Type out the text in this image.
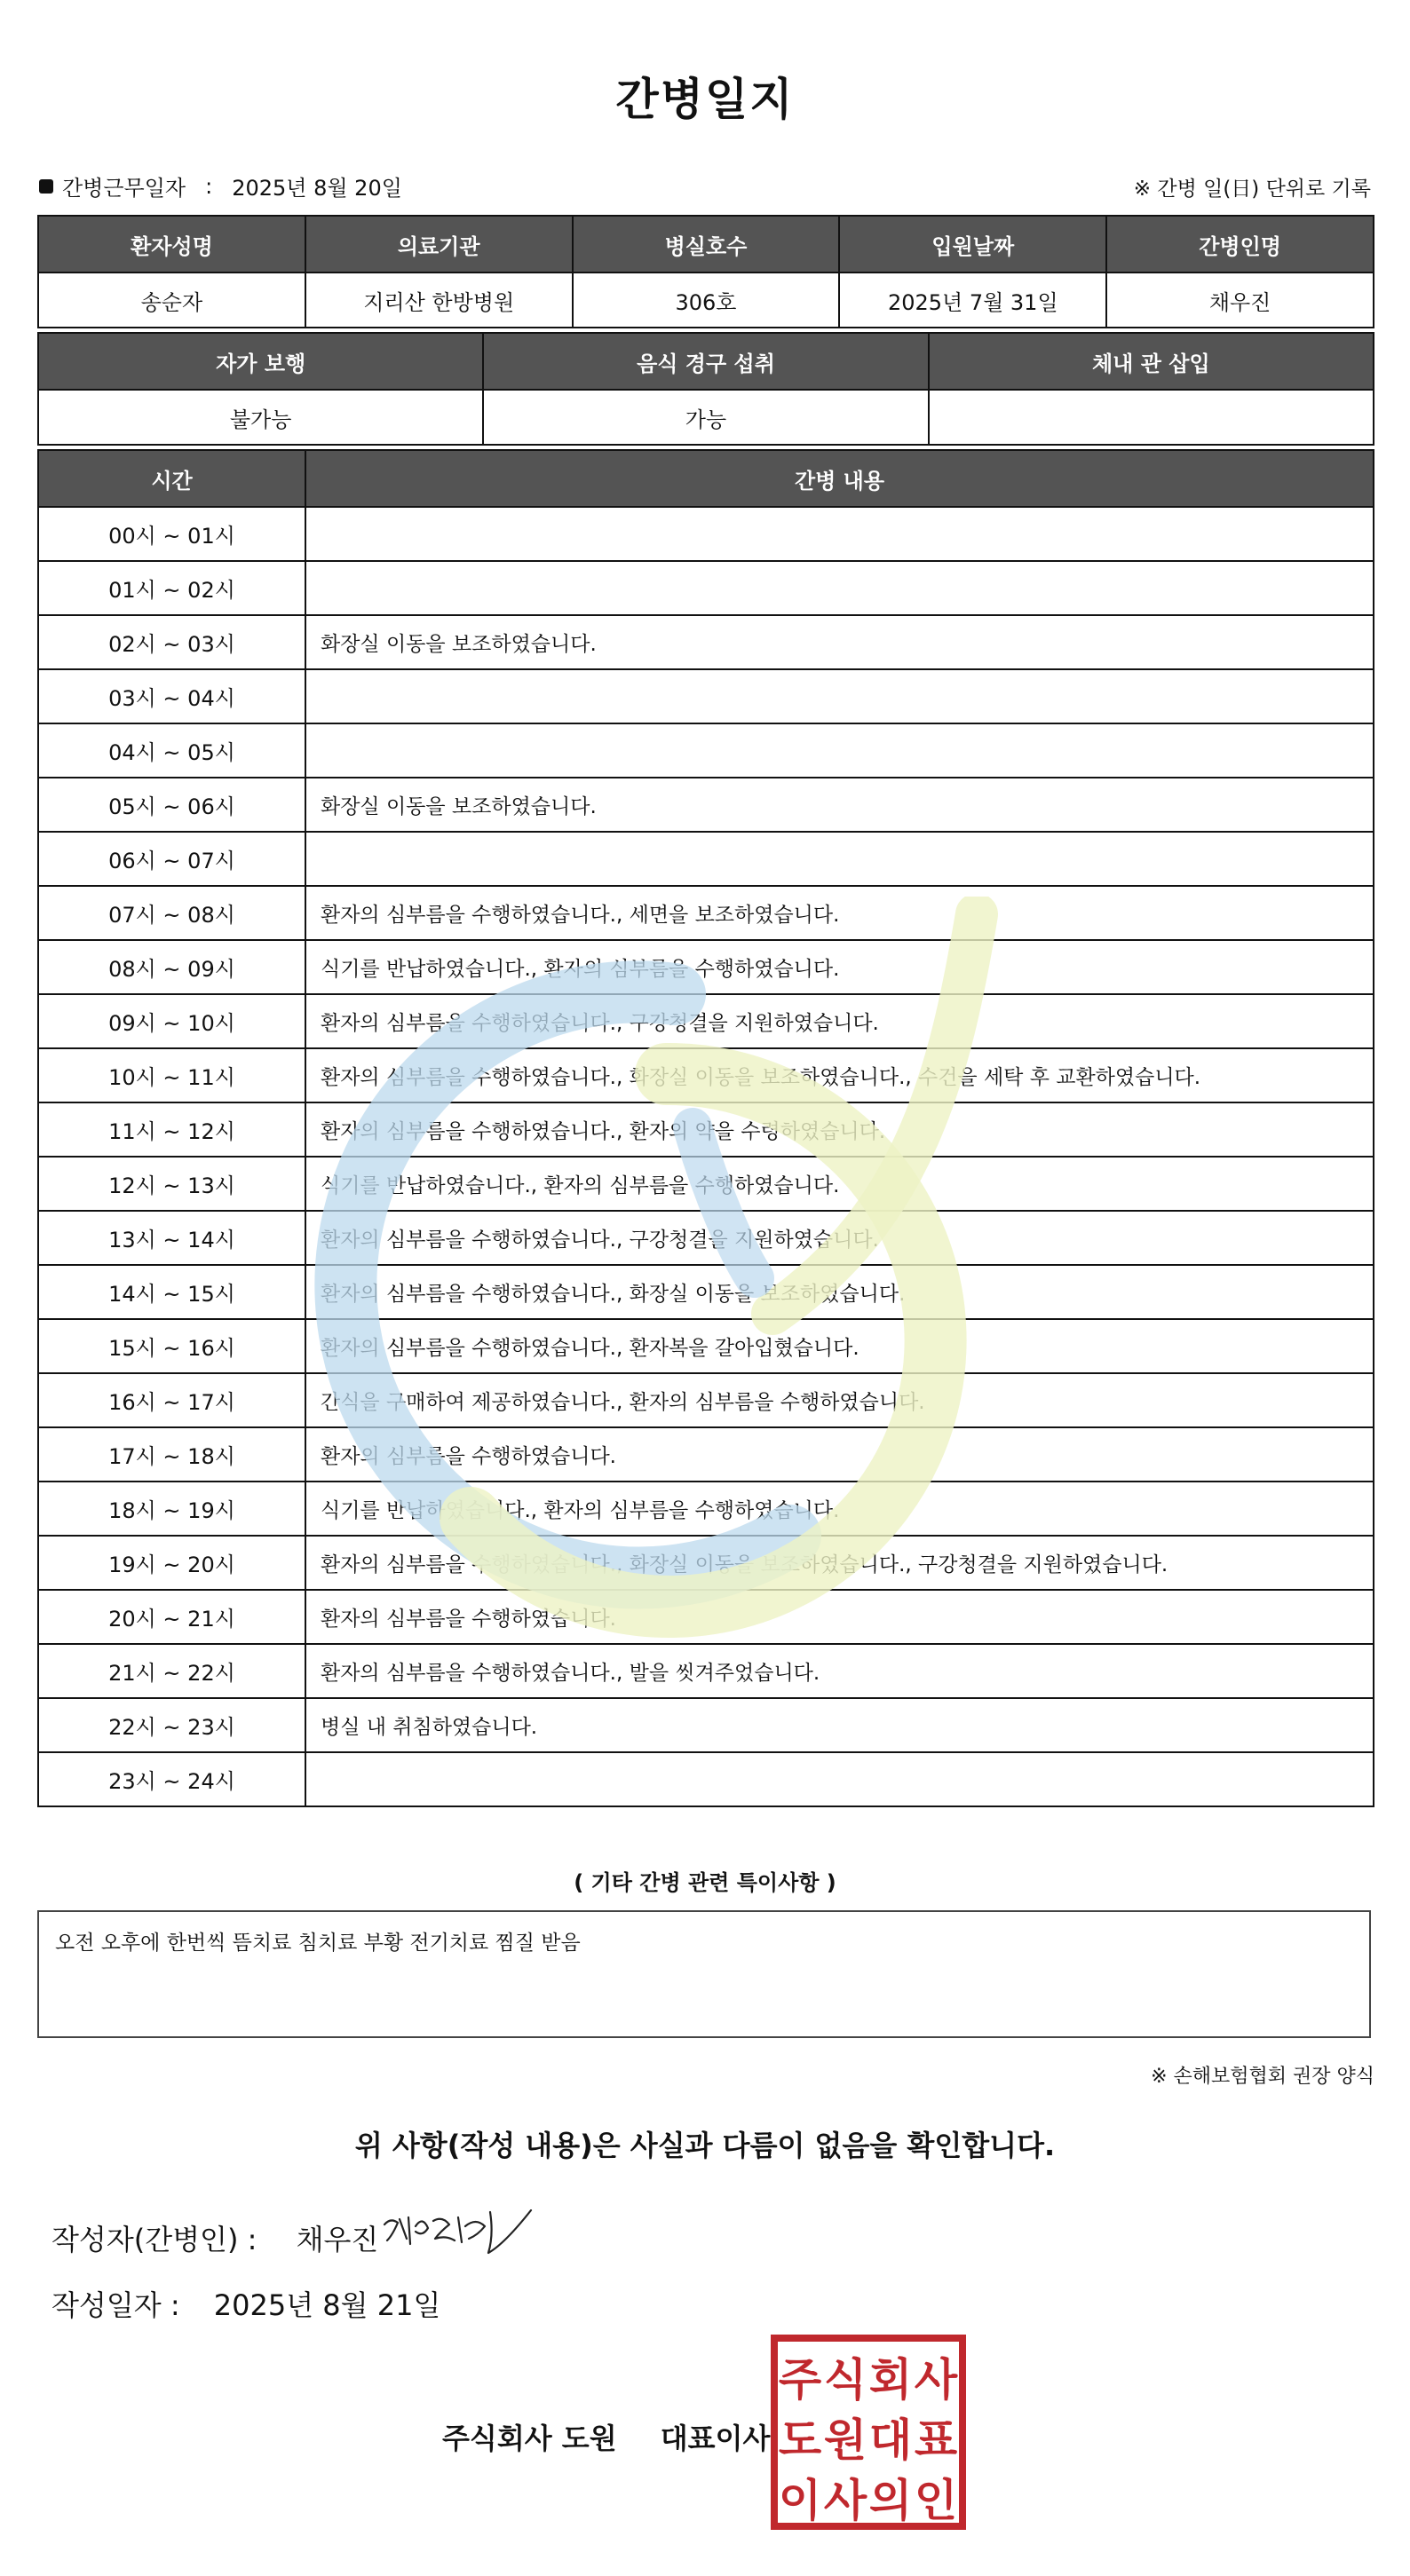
간병일지
간병근무일자 : 2025년 8월 20일	※ 간병 일(日) 단위로 기록
환자성명	의료기관	병실호수	입원날짜	간병인명
송순자	지리산 한방병원	306호	2025년 7월 31일	채우진
자가 보행	음식 경구 섭취	체내 관 삽입
불가능	가능	
시간	간병 내용
00시 ~ 01시	
01시 ~ 02시	
02시 ~ 03시	화장실 이동을 보조하였습니다.
03시 ~ 04시	
04시 ~ 05시	
05시 ~ 06시	화장실 이동을 보조하였습니다.
06시 ~ 07시	
07시 ~ 08시	환자의 심부름을 수행하였습니다., 세면을 보조하였습니다.
08시 ~ 09시	식기를 반납하였습니다., 환자의 심부름을 수행하였습니다.
09시 ~ 10시	환자의 심부름을 수행하였습니다., 구강청결을 지원하였습니다.
10시 ~ 11시	환자의 심부름을 수행하였습니다., 화장실 이동을 보조하였습니다., 수건을 세탁 후 교환하였습니다.
11시 ~ 12시	환자의 심부름을 수행하였습니다., 환자의 약을 수령하였습니다.
12시 ~ 13시	식기를 반납하였습니다., 환자의 심부름을 수행하였습니다.
13시 ~ 14시	환자의 심부름을 수행하였습니다., 구강청결을 지원하였습니다.
14시 ~ 15시	환자의 심부름을 수행하였습니다., 화장실 이동을 보조하였습니다.
15시 ~ 16시	환자의 심부름을 수행하였습니다., 환자복을 갈아입혔습니다.
16시 ~ 17시	간식을 구매하여 제공하였습니다., 환자의 심부름을 수행하였습니다.
17시 ~ 18시	환자의 심부름을 수행하였습니다.
18시 ~ 19시	식기를 반납하였습니다., 환자의 심부름을 수행하였습니다.
19시 ~ 20시	환자의 심부름을 수행하였습니다., 화장실 이동을 보조하였습니다., 구강청결을 지원하였습니다.
20시 ~ 21시	환자의 심부름을 수행하였습니다.
21시 ~ 22시	환자의 심부름을 수행하였습니다., 발을 씻겨주었습니다.
22시 ~ 23시	병실 내 취침하였습니다.
23시 ~ 24시	
( 기타 간병 관련 특이사항 )
오전 오후에 한번씩 뜸치료 침치료 부황 전기치료 찜질 받음
※ 손해보험협회 권장 양식
위 사항(작성 내용)은 사실과 다름이 없음을 확인합니다.
작성자(간병인) : 채우진
작성일자 : 2025년 8월 21일
주식회사 도원 대표이사
주 식 회 사
도 원 대 표
이 사 의 인
